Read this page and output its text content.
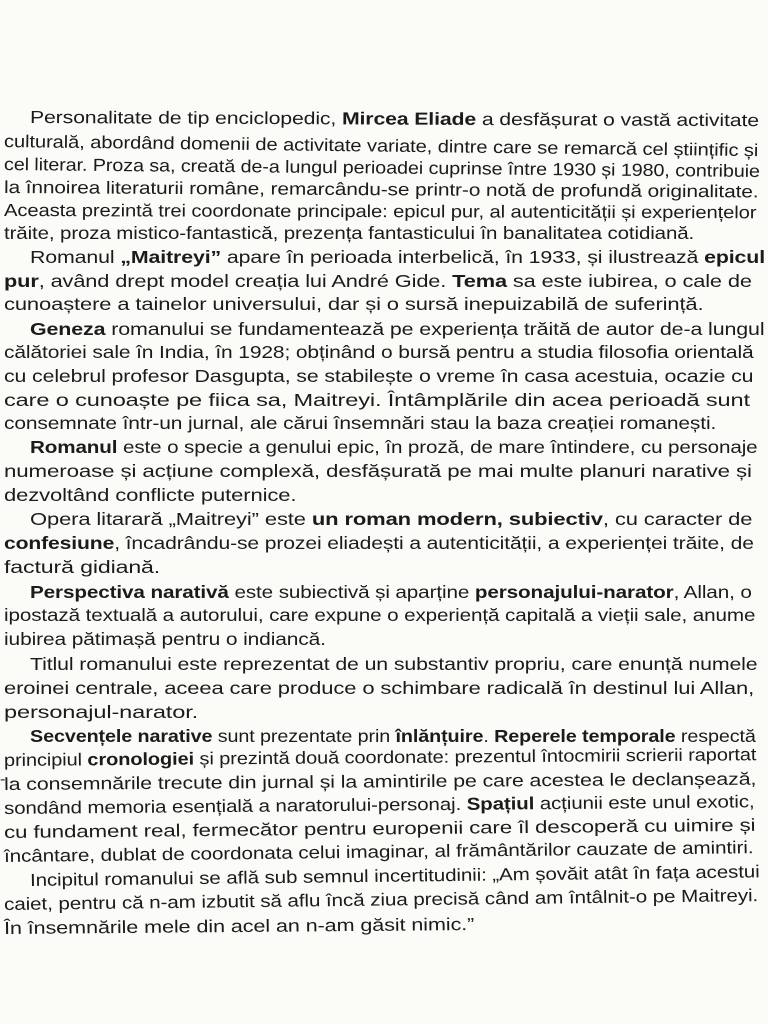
Personalitate de tip enciclopedic, Mircea Eliade a desfășurat o vastă activitate
culturală, abordând domenii de activitate variate, dintre care se remarcă cel științific și
cel literar. Proza sa, creată de-a lungul perioadei cuprinse între 1930 și 1980, contribuie
la înnoirea literaturii române, remarcându-se printr-o notă de profundă originalitate.
Aceasta prezintă trei coordonate principale: epicul pur, al autenticității și experiențelor
trăite, proza mistico-fantastică, prezența fantasticului în banalitatea cotidiană.
Romanul „Maitreyi” apare în perioada interbelică, în 1933, și ilustrează epicul
pur, având drept model creația lui André Gide. Tema sa este iubirea, o cale de
cunoaștere a tainelor universului, dar și o sursă inepuizabilă de suferință.
Geneza romanului se fundamentează pe experiența trăită de autor de-a lungul
călătoriei sale în India, în 1928; obținând o bursă pentru a studia filosofia orientală
cu celebrul profesor Dasgupta, se stabilește o vreme în casa acestuia, ocazie cu
care o cunoaște pe fiica sa, Maitreyi. Întâmplările din acea perioadă sunt
consemnate într-un jurnal, ale cărui însemnări stau la baza creației romanești.
Romanul este o specie a genului epic, în proză, de mare întindere, cu personaje
numeroase și acțiune complexă, desfășurată pe mai multe planuri narative și
dezvoltând conflicte puternice.
Opera litarară „Maitreyi” este un roman modern, subiectiv, cu caracter de
confesiune, încadrându-se prozei eliadești a autenticității, a experienței trăite, de
factură gidiană.
Perspectiva narativă este subiectivă și aparține personajului-narator, Allan, o
ipostază textuală a autorului, care expune o experiență capitală a vieții sale, anume
iubirea pătimașă pentru o indiancă.
Titlul romanului este reprezentat de un substantiv propriu, care enunță numele
eroinei centrale, aceea care produce o schimbare radicală în destinul lui Allan,
personajul-narator.
Secvențele narative sunt prezentate prin înlănțuire. Reperele temporale respectă
principiul cronologiei și prezintă două coordonate: prezentul întocmirii scrierii raportat
la consemnările trecute din jurnal și la amintirile pe care acestea le declanșează,
sondând memoria esențială a naratorului-personaj. Spațiul acțiunii este unul exotic,
cu fundament real, fermecător pentru europenii care îl descoperă cu uimire și
încântare, dublat de coordonata celui imaginar, al frământărilor cauzate de amintiri.
Incipitul romanului se află sub semnul incertitudinii: „Am șovăit atât în fața acestui
caiet, pentru că n-am izbutit să aflu încă ziua precisă când am întâlnit-o pe Maitreyi.
În însemnările mele din acel an n-am găsit nimic.”
-
